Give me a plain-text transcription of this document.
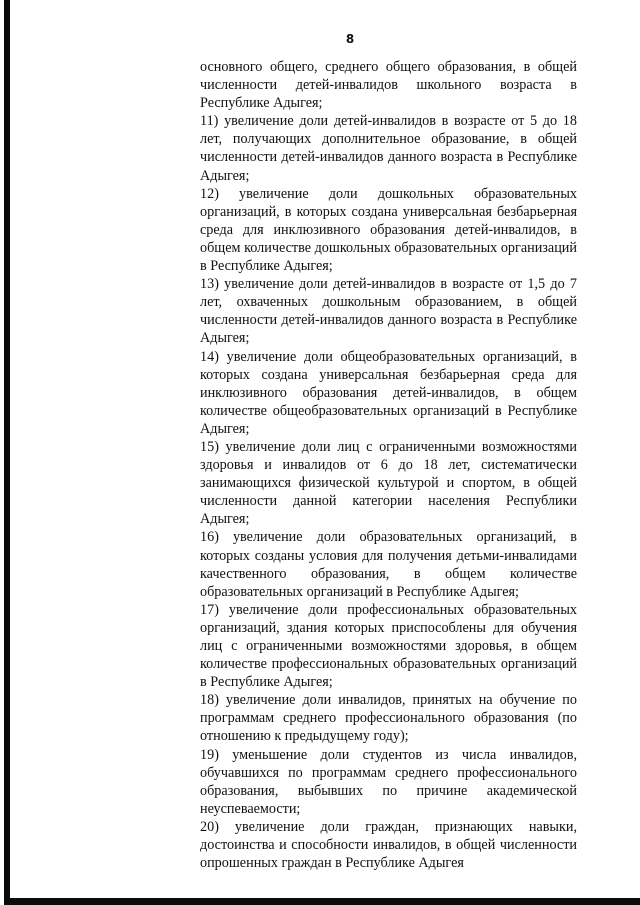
8

основного общего, среднего общего образования, в общей численности детей-инвалидов школьного возраста в Республике Адыгея;

11) увеличение доли детей-инвалидов в возрасте от 5 до 18 лет, получающих дополнительное образование, в общей численности детей-инвалидов данного возраста в Республике Адыгея;

12) увеличение доли дошкольных образовательных организаций, в которых создана универсальная безбарьерная среда для инклюзивного образования детей-инвалидов, в общем количестве дошкольных образовательных организаций в Республике Адыгея;

13) увеличение доли детей-инвалидов в возрасте от 1,5 до 7 лет, охваченных дошкольным образованием, в общей численности детей-инвалидов данного возраста в Республике Адыгея;

14) увеличение доли общеобразовательных организаций, в которых создана универсальная безбарьерная среда для инклюзивного образования детей-инвалидов, в общем количестве общеобразовательных организаций в Республике Адыгея;

15) увеличение доли лиц с ограниченными возможностями здоровья и инвалидов от 6 до 18 лет, систематически занимающихся физической культурой и спортом, в общей численности данной категории населения Республики Адыгея;

16) увеличение доли образовательных организаций, в которых созданы условия для получения детьми-инвалидами качественного образования, в общем количестве образовательных организаций в Республике Адыгея;

17) увеличение доли профессиональных образовательных организаций, здания которых приспособлены для обучения лиц с ограниченными возможностями здоровья, в общем количестве профессиональных образовательных организаций в Республике Адыгея;

18) увеличение доли инвалидов, принятых на обучение по программам среднего профессионального образования (по отношению к предыдущему году);

19) уменьшение доли студентов из числа инвалидов, обучавшихся по программам среднего профессионального образования, выбывших по причине академической неуспеваемости;

20) увеличение доли граждан, признающих навыки, достоинства и способности инвалидов, в общей численности опрошенных граждан в Республике Адыгея
